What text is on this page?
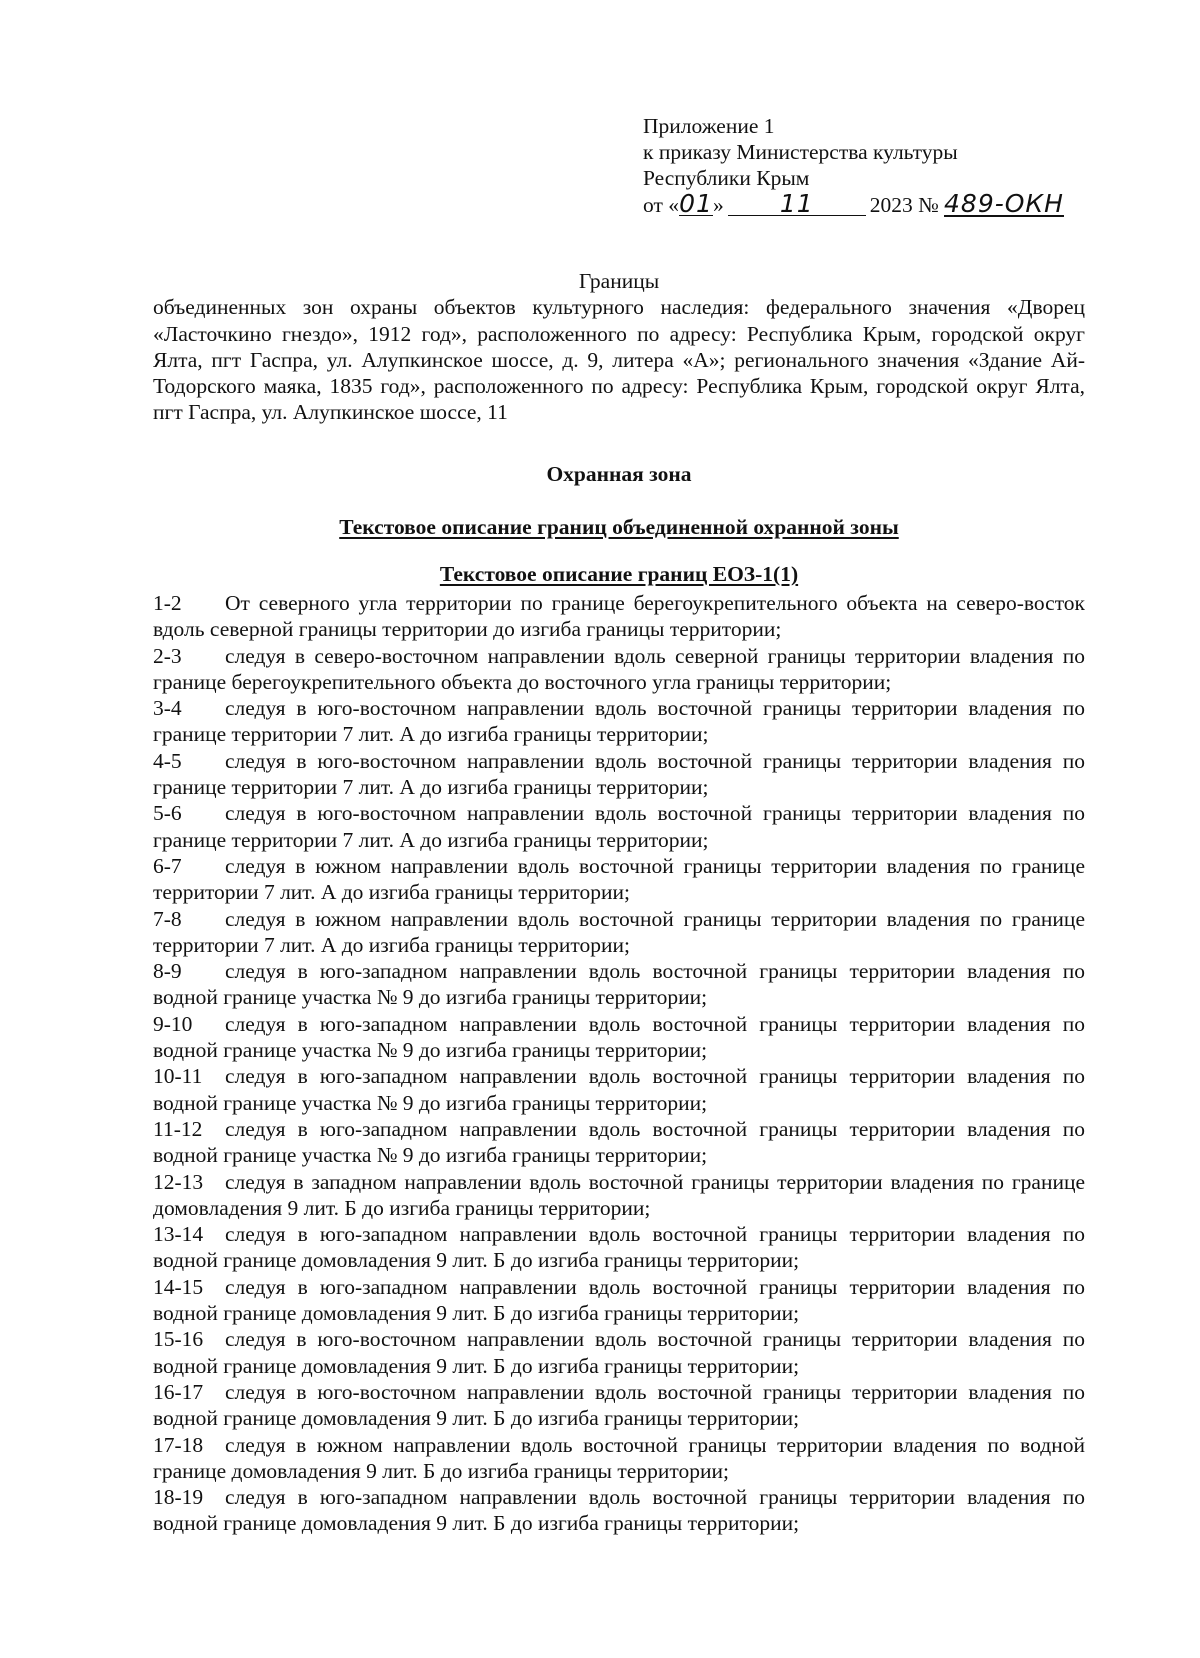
Приложение 1
к приказу Министерства культуры
Республики Крым
от «01» 11	2023 № 489-ОКН
Границы
объединенных зон охраны объектов культурного наследия: федерального значения «Дворец «Ласточкино гнездо», 1912 год», расположенного по адресу: Республика Крым, городской округ Ялта, пгт Гаспра, ул. Алупкинское шоссе, д. 9, литера «А»; регионального значения «Здание Ай-Тодорского маяка, 1835 год», расположенного по адресу: Республика Крым, городской округ Ялта, пгт Гаспра, ул. Алупкинское шоссе, 11
Охранная зона
Текстовое описание границ объединенной охранной зоны
Текстовое описание границ ЕОЗ-1(1)

1-2 От северного угла территории по границе берегоукрепительного объекта на северо-восток вдоль северной границы территории до изгиба границы территории;

2-3 следуя в северо-восточном направлении вдоль северной границы территории владения по границе берегоукрепительного объекта до восточного угла границы территории;

3-4 следуя в юго-восточном направлении вдоль восточной границы территории владения по границе территории 7 лит. А до изгиба границы территории;

4-5 следуя в юго-восточном направлении вдоль восточной границы территории владения по границе территории 7 лит. А до изгиба границы территории;

5-6 следуя в юго-восточном направлении вдоль восточной границы территории владения по границе территории 7 лит. А до изгиба границы территории;

6-7 следуя в южном направлении вдоль восточной границы территории владения по границе территории 7 лит. А до изгиба границы территории;

7-8 следуя в южном направлении вдоль восточной границы территории владения по границе территории 7 лит. А до изгиба границы территории;

8-9 следуя в юго-западном направлении вдоль восточной границы территории владения по водной границе участка № 9 до изгиба границы территории;

9-10 следуя в юго-западном направлении вдоль восточной границы территории владения по водной границе участка № 9 до изгиба границы территории;

10-11 следуя в юго-западном направлении вдоль восточной границы территории владения по водной границе участка № 9 до изгиба границы территории;

11-12 следуя в юго-западном направлении вдоль восточной границы территории владения по водной границе участка № 9 до изгиба границы территории;

12-13 следуя в западном направлении вдоль восточной границы территории владения по границе домовладения 9 лит. Б до изгиба границы территории;

13-14 следуя в юго-западном направлении вдоль восточной границы территории владения по водной границе домовладения 9 лит. Б до изгиба границы территории;

14-15 следуя в юго-западном направлении вдоль восточной границы территории владения по водной границе домовладения 9 лит. Б до изгиба границы территории;

15-16 следуя в юго-восточном направлении вдоль восточной границы территории владения по водной границе домовладения 9 лит. Б до изгиба границы территории;

16-17 следуя в юго-восточном направлении вдоль восточной границы территории владения по водной границе домовладения 9 лит. Б до изгиба границы территории;

17-18 следуя в южном направлении вдоль восточной границы территории владения по водной границе домовладения 9 лит. Б до изгиба границы территории;

18-19 следуя в юго-западном направлении вдоль восточной границы территории владения по водной границе домовладения 9 лит. Б до изгиба границы территории;
